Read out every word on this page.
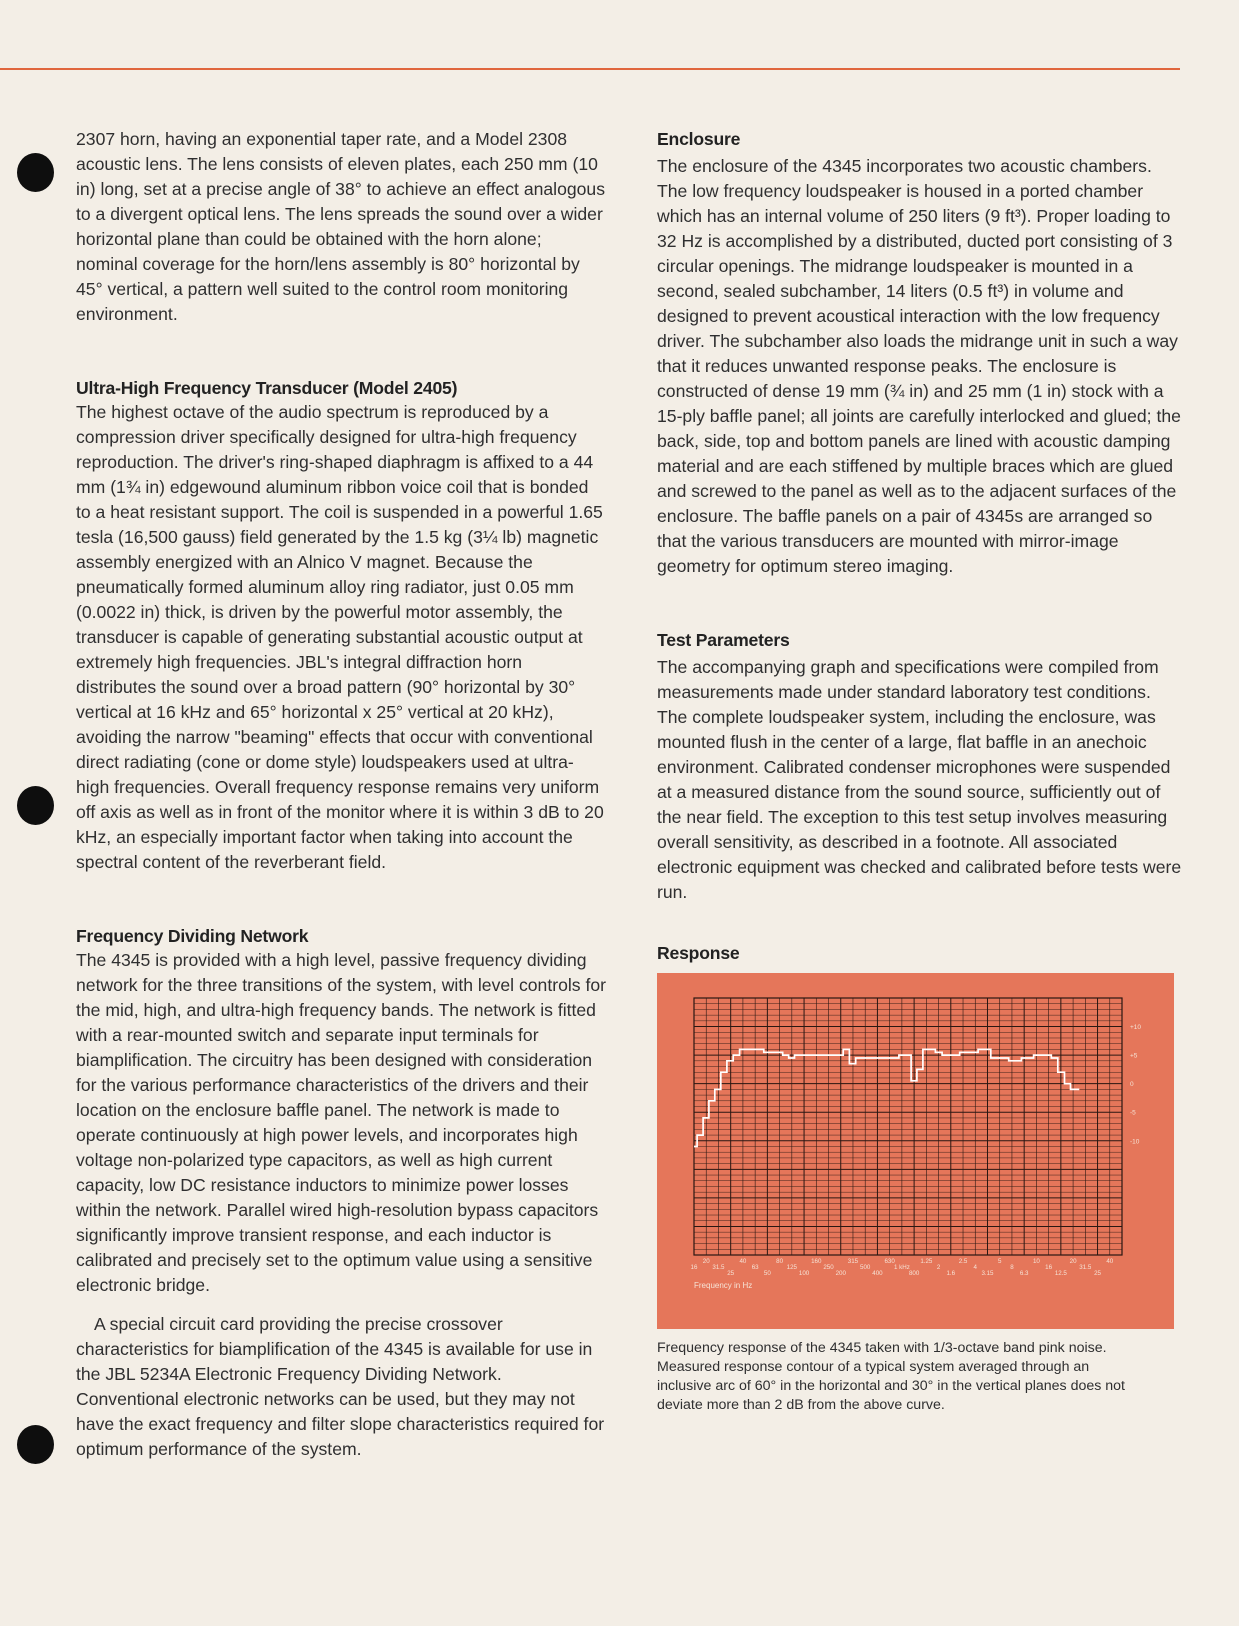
2307 horn, having an exponential taper rate, and a Model 2308 acoustic lens. The lens consists of eleven plates, each 250 mm (10 in) long, set at a precise angle of 38° to achieve an effect analogous to a divergent optical lens. The lens spreads the sound over a wider horizontal plane than could be obtained with the horn alone; nominal coverage for the horn/lens assembly is 80° horizontal by 45° vertical, a pattern well suited to the control room monitoring environment.

Ultra-High Frequency Transducer (Model 2405)

The highest octave of the audio spectrum is reproduced by a compression driver specifically designed for ultra-high frequency reproduction. The driver's ring-shaped diaphragm is affixed to a 44 mm (1¾ in) edgewound aluminum ribbon voice coil that is bonded to a heat resistant support. The coil is suspended in a powerful 1.65 tesla (16,500 gauss) field generated by the 1.5 kg (3¼ lb) magnetic assembly energized with an Alnico V magnet. Because the pneumatically formed aluminum alloy ring radiator, just 0.05 mm (0.0022 in) thick, is driven by the powerful motor assembly, the transducer is capable of generating substantial acoustic output at extremely high frequencies. JBL's integral diffraction horn distributes the sound over a broad pattern (90° horizontal by 30° vertical at 16 kHz and 65° horizontal x 25° vertical at 20 kHz), avoiding the narrow "beaming" effects that occur with conventional direct radiating (cone or dome style) loudspeakers used at ultra-high frequencies. Overall frequency response remains very uniform off axis as well as in front of the monitor where it is within 3 dB to 20 kHz, an especially important factor when taking into account the spectral content of the reverberant field.

Frequency Dividing Network

The 4345 is provided with a high level, passive frequency dividing network for the three transitions of the system, with level controls for the mid, high, and ultra-high frequency bands. The network is fitted with a rear-mounted switch and separate input terminals for biamplification. The circuitry has been designed with consideration for the various performance characteristics of the drivers and their location on the enclosure baffle panel. The network is made to operate continuously at high power levels, and incorporates high voltage non-polarized type capacitors, as well as high current capacity, low DC resistance inductors to minimize power losses within the network. Parallel wired high-resolution bypass capacitors significantly improve transient response, and each inductor is calibrated and precisely set to the optimum value using a sensitive electronic bridge.

A special circuit card providing the precise crossover characteristics for biamplification of the 4345 is available for use in the JBL 5234A Electronic Frequency Dividing Network. Conventional electronic networks can be used, but they may not have the exact frequency and filter slope characteristics required for optimum performance of the system.

Enclosure

The enclosure of the 4345 incorporates two acoustic chambers. The low frequency loudspeaker is housed in a ported chamber which has an internal volume of 250 liters (9 ft³). Proper loading to 32 Hz is accomplished by a distributed, ducted port consisting of 3 circular openings. The midrange loudspeaker is mounted in a second, sealed subchamber, 14 liters (0.5 ft³) in volume and designed to prevent acoustical interaction with the low frequency driver. The subchamber also loads the midrange unit in such a way that it reduces unwanted response peaks. The enclosure is constructed of dense 19 mm (¾ in) and 25 mm (1 in) stock with a 15-ply baffle panel; all joints are carefully interlocked and glued; the back, side, top and bottom panels are lined with acoustic damping material and are each stiffened by multiple braces which are glued and screwed to the panel as well as to the adjacent surfaces of the enclosure. The baffle panels on a pair of 4345s are arranged so that the various transducers are mounted with mirror-image geometry for optimum stereo imaging.

Test Parameters

The accompanying graph and specifications were compiled from measurements made under standard laboratory test conditions. The complete loudspeaker system, including the enclosure, was mounted flush in the center of a large, flat baffle in an anechoic environment. Calibrated condenser microphones were suspended at a measured distance from the sound source, sufficiently out of the near field. The exception to this test setup involves measuring overall sensitivity, as described in a footnote. All associated electronic equipment was checked and calibrated before tests were run.

Response
+10
+5
0
-5
-10
20	40	80	160	315	630	1.25	2.5	5	10	20	40
31.5	63	125	250	500	1 kHz	2	4	8	16	31.5
16
25	50	100	200	400	800	1.6	3.15	6.3	12.5	25
Frequency in Hz

Frequency response of the 4345 taken with 1/3-octave band pink noise. Measured response contour of a typical system averaged through an inclusive arc of 60° in the horizontal and 30° in the vertical planes does not deviate more than 2 dB from the above curve.
